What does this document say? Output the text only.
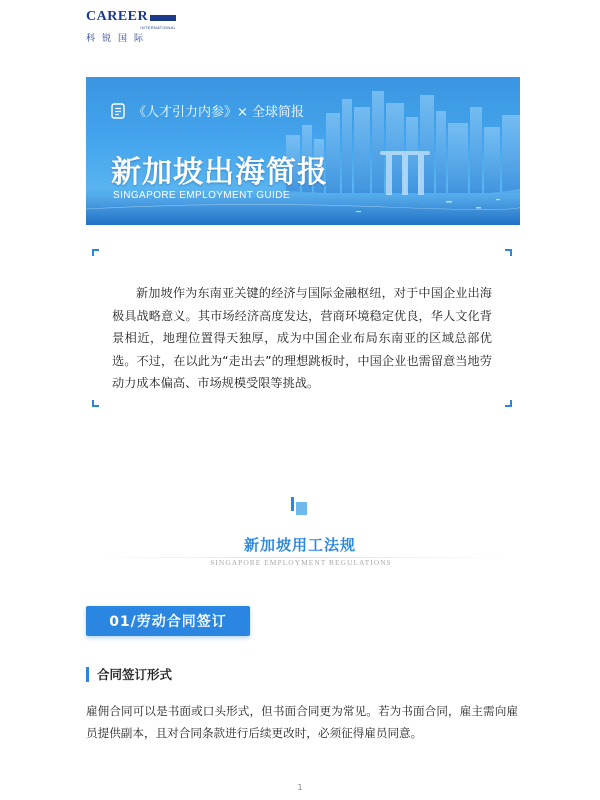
CAREER
INTERNATIONAL
科锐国际
《人才引力内参》× 全球简报
新加坡出海简报
SINGAPORE EMPLOYMENT GUIDE

新加坡作为东南亚关键的经济与国际金融枢纽，对于中国企业出海极具战略意义。其市场经济高度发达，营商环境稳定优良，华人文化背景相近，地理位置得天独厚，成为中国企业布局东南亚的区域总部优选。不过，在以此为“走出去”的理想跳板时，中国企业也需留意当地劳动力成本偏高、市场规模受限等挑战。

新加坡用工法规
SINGAPORE EMPLOYMENT REGULATIONS
01/劳动合同签订
合同签订形式

雇佣合同可以是书面或口头形式，但书面合同更为常见。若为书面合同，雇主需向雇员提供副本，且对合同条款进行后续更改时，必须征得雇员同意。

1
